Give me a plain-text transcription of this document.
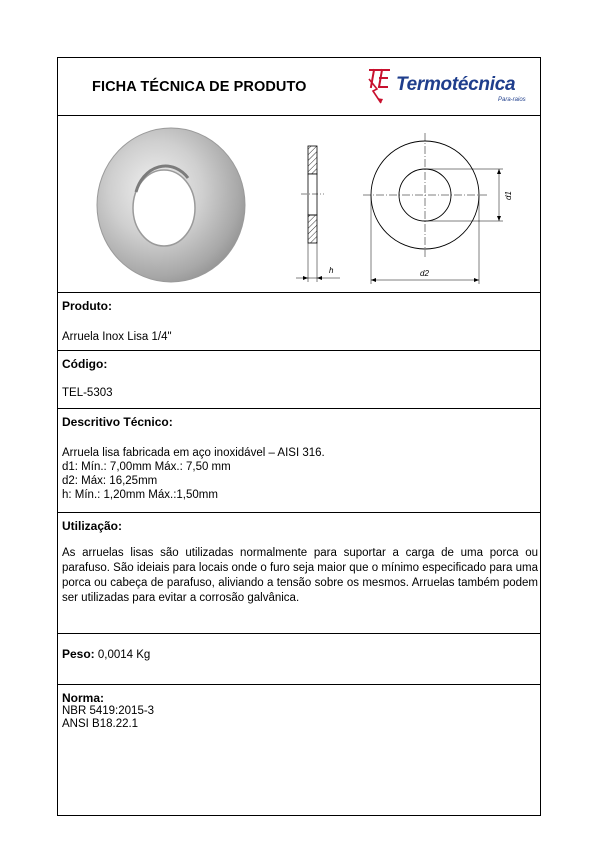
FICHA TÉCNICA DE PRODUTO	Termotécnica
Para-raios
h
d1
d2
Produto:
Arruela Inox Lisa 1/4"
Código:
TEL-5303
Descritivo Técnico:
Arruela lisa fabricada em aço inoxidável – AISI 316.
d1: Mín.: 7,00mm Máx.: 7,50 mm
d2: Máx: 16,25mm
h: Mín.: 1,20mm Máx.:1,50mm
Utilização:
As arruelas lisas são utilizadas normalmente para suportar a carga de uma porca ou parafuso. São ideiais para locais onde o furo seja maior que o mínimo especificado para uma porca ou cabeça de parafuso, aliviando a tensão sobre os mesmos. Arruelas também podem ser utilizadas para evitar a corrosão galvânica.
Peso: 0,0014 Kg
Norma:
NBR 5419:2015-3
ANSI B18.22.1
